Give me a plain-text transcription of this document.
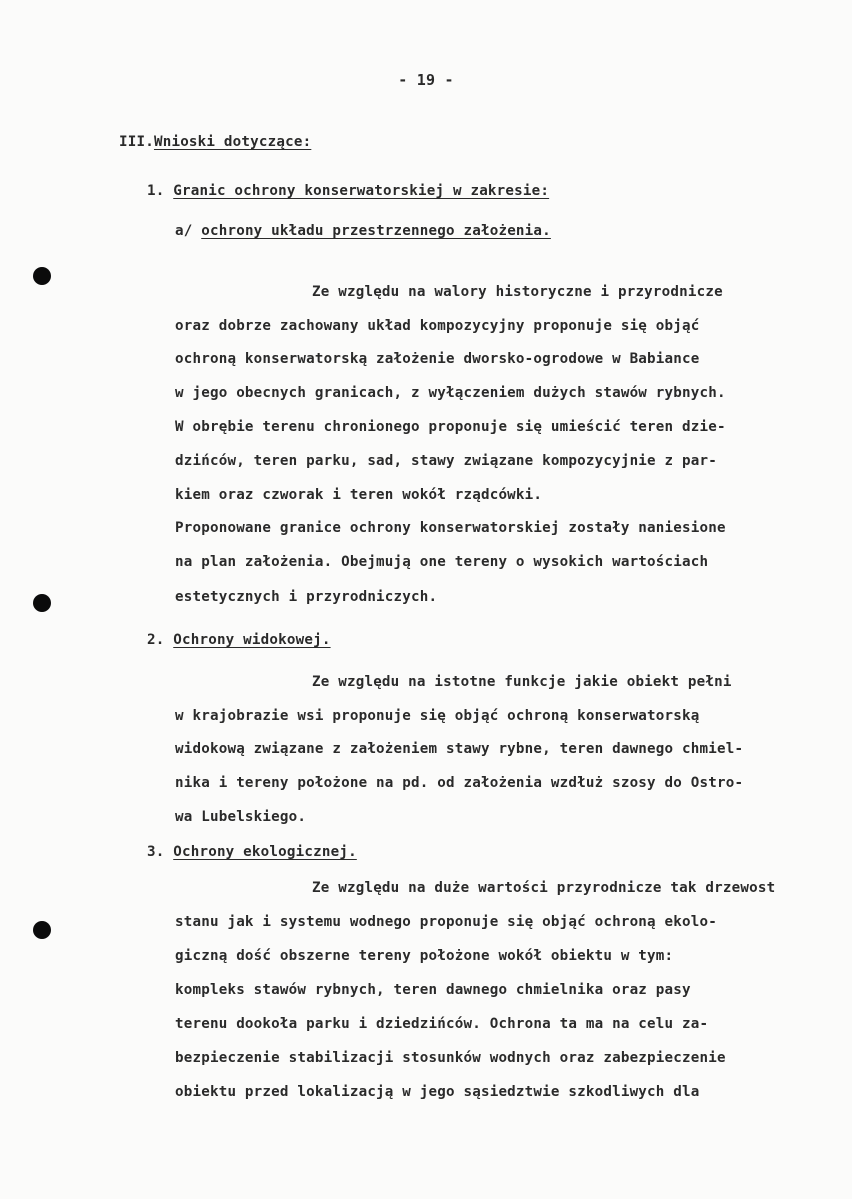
- 19 -
III.Wnioski dotyczące:
1. Granic ochrony konserwatorskiej w zakresie:
a/ ochrony układu przestrzennego założenia.
Ze względu na walory historyczne i przyrodnicze
oraz dobrze zachowany układ kompozycyjny proponuje się objąć
ochroną konserwatorską założenie dworsko-ogrodowe w Babiance
w jego obecnych granicach, z wyłączeniem dużych stawów rybnych.
W obrębie terenu chronionego proponuje się umieścić teren dzie-
dzińców, teren parku, sad, stawy związane kompozycyjnie z par-
kiem oraz czworak i teren wokół rządcówki.
Proponowane granice ochrony konserwatorskiej zostały naniesione
na plan założenia. Obejmują one tereny o wysokich wartościach
estetycznych i przyrodniczych.
2. Ochrony widokowej.
Ze względu na istotne funkcje jakie obiekt pełni
w krajobrazie wsi proponuje się objąć ochroną konserwatorską
widokową związane z założeniem stawy rybne, teren dawnego chmiel-
nika i tereny położone na pd. od założenia wzdłuż szosy do Ostro-
wa Lubelskiego.
3. Ochrony ekologicznej.
Ze względu na duże wartości przyrodnicze tak drzewost
stanu jak i systemu wodnego proponuje się objąć ochroną ekolo-
giczną dość obszerne tereny położone wokół obiektu w tym:
kompleks stawów rybnych, teren dawnego chmielnika oraz pasy
terenu dookoła parku i dziedzińców. Ochrona ta ma na celu za-
bezpieczenie stabilizacji stosunków wodnych oraz zabezpieczenie
obiektu przed lokalizacją w jego sąsiedztwie szkodliwych dla
